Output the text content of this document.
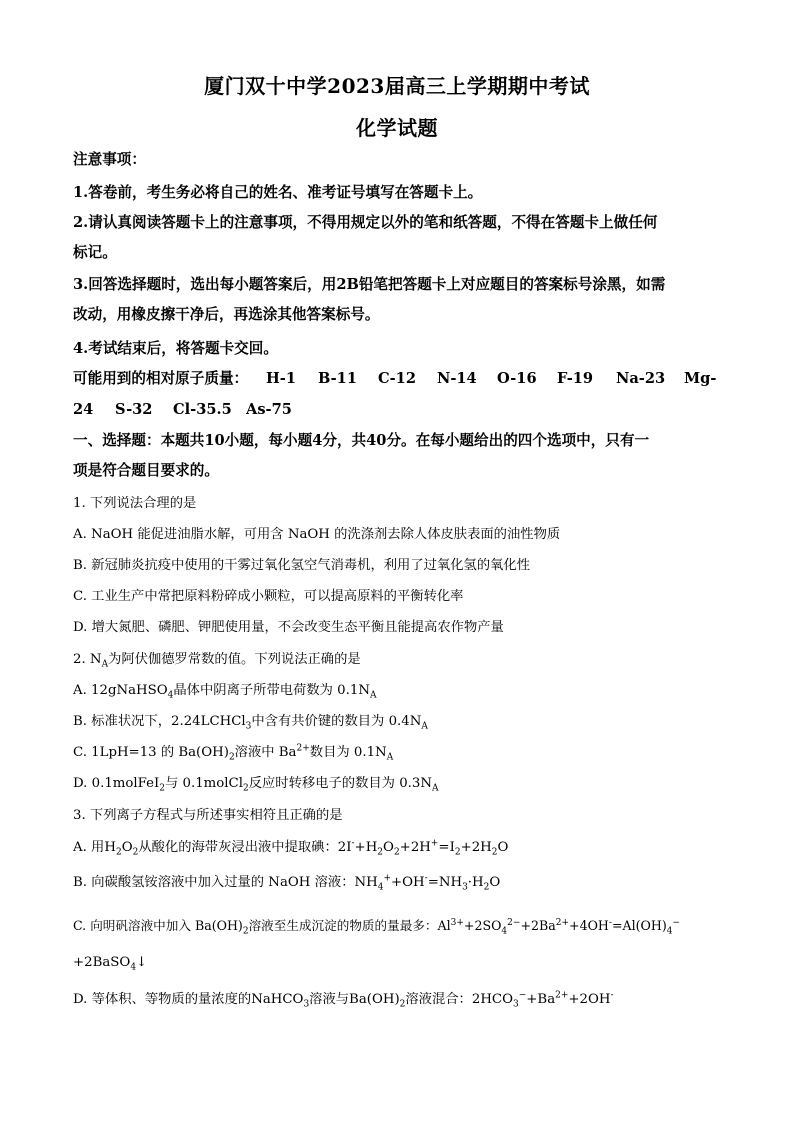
厦门双十中学2023届高三上学期期中考试
化学试题
注意事项：
1.答卷前，考生务必将自己的姓名、准考证号填写在答题卡上。
2.请认真阅读答题卡上的注意事项，不得用规定以外的笔和纸答题，不得在答题卡上做任何
标记。
3.回答选择题时，选出每小题答案后，用2B铅笔把答题卡上对应题目的答案标号涂黑，如需
改动，用橡皮擦干净后，再选涂其他答案标号。
4.考试结束后，将答题卡交回。
可能用到的相对原子质量： H-1 B-11 C-12 N-14 O-16 F-19 Na-23 Mg-
24 S-32 Cl-35.5 As-75
一、选择题：本题共10小题，每小题4分，共40分。在每小题给出的四个选项中，只有一
项是符合题目要求的。
1. 下列说法合理的是
A. NaOH 能促进油脂水解，可用含 NaOH 的洗涤剂去除人体皮肤表面的油性物质
B. 新冠肺炎抗疫中使用的干雾过氧化氢空气消毒机，利用了过氧化氢的氧化性
C. 工业生产中常把原料粉碎成小颗粒，可以提高原料的平衡转化率
D. 增大氮肥、磷肥、钾肥使用量，不会改变生态平衡且能提高农作物产量
2. $N_A$为阿伏伽德罗常数的值。下列说法正确的是
A. 12gNaHSO$_4$晶体中阴离子所带电荷数为 $0.1N_A$
B. 标准状况下，2.24LCHCl$_3$中含有共价键的数目为 $0.4N_A$
C. 1LpH=13 的 $Ba(OH)_2$溶液中 $Ba^{2+}$数目为 $0.1N_A$
D. 0.1molFeI$_2$与 0.1molCl$_2$反应时转移电子的数目为 $0.3N_A$
3. 下列离子方程式与所述事实相符且正确的是
A. 用$H_2O_2$从酸化的海带灰浸出液中提取碘：$2I^-+H_2O_2+2H^+=I_2+2H_2O$
B. 向碳酸氢铵溶液中加入过量的 NaOH 溶液：$NH_4^++OH^-=NH_3\cdot H_2O$
C. 向明矾溶液中加入 $Ba(OH)_2$溶液至生成沉淀的物质的量最多：$Al^{3+}+2SO_4^{2-}+2Ba^{2+}+4OH^-=Al(OH)_4^-$
+2BaSO$_4$↓
D. 等体积、等物质的量浓度的NaHCO$_3$溶液与$Ba(OH)_2$溶液混合：$2HCO_3^-+Ba^{2+}+2OH^-$
